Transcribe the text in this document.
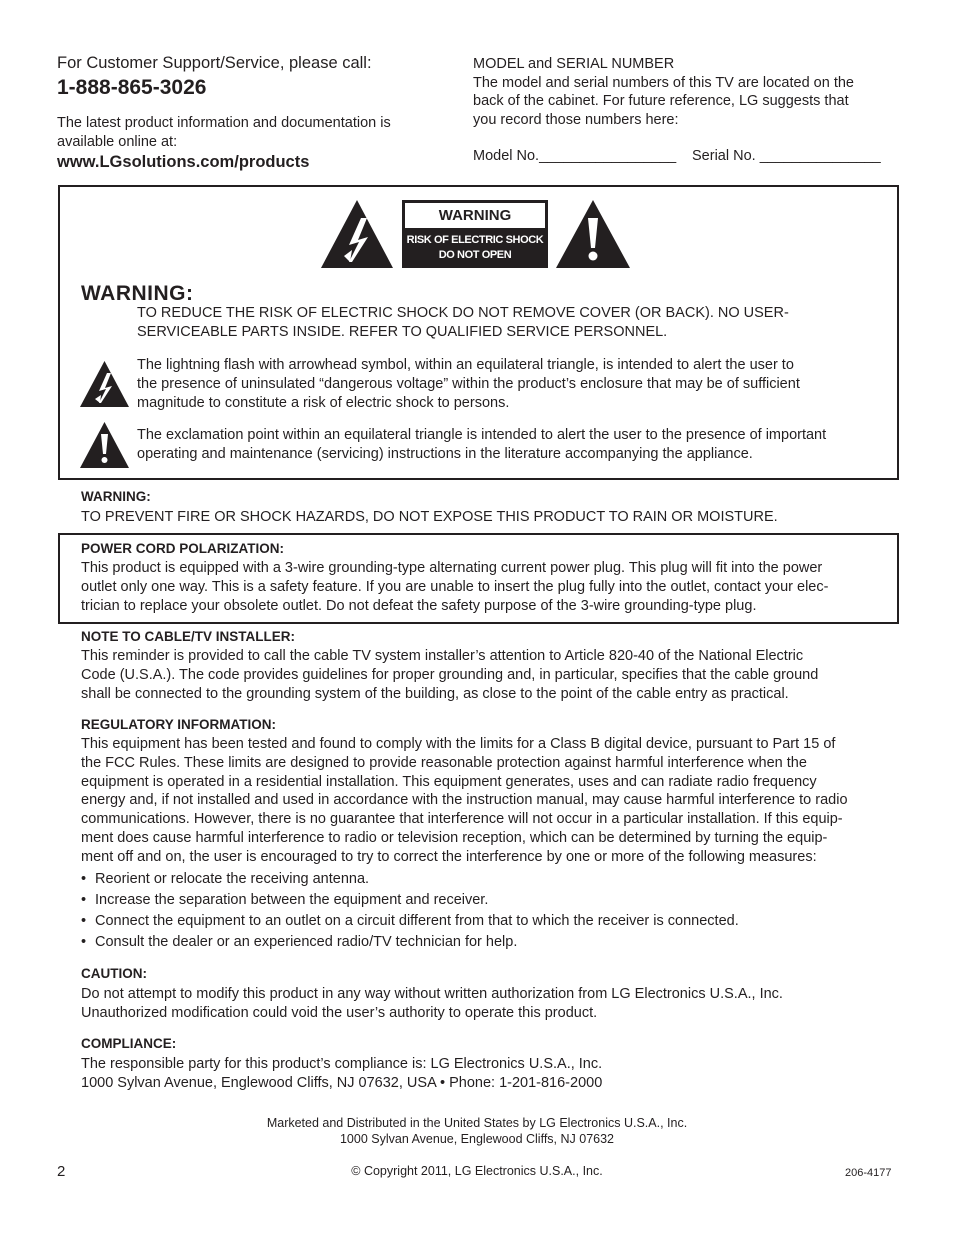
For Customer Support/Service, please call:
1-888-865-3026
The latest product information and documentation is
available online at:
www.LGsolutions.com/products
MODEL and SERIAL NUMBER
The model and serial numbers of this TV are located on the
back of the cabinet. For future reference, LG suggests that
you record those numbers here:
Model No._________________ Serial No. _______________
WARNING
RISK OF ELECTRIC SHOCK
DO NOT OPEN
WARNING:
TO REDUCE THE RISK OF ELECTRIC SHOCK DO NOT REMOVE COVER (OR BACK). NO USER-
SERVICEABLE PARTS INSIDE. REFER TO QUALIFIED SERVICE PERSONNEL.
The lightning flash with arrowhead symbol, within an equilateral triangle, is intended to alert the user to
the presence of uninsulated “dangerous voltage” within the product’s enclosure that may be of sufficient
magnitude to constitute a risk of electric shock to persons.
The exclamation point within an equilateral triangle is intended to alert the user to the presence of important
operating and maintenance (servicing) instructions in the literature accompanying the appliance.
WARNING:
TO PREVENT FIRE OR SHOCK HAZARDS, DO NOT EXPOSE THIS PRODUCT TO RAIN OR MOISTURE.
POWER CORD POLARIZATION:
This product is equipped with a 3-wire grounding-type alternating current power plug. This plug will fit into the power
outlet only one way. This is a safety feature. If you are unable to insert the plug fully into the outlet, contact your elec-
trician to replace your obsolete outlet. Do not defeat the safety purpose of the 3-wire grounding-type plug.
NOTE TO CABLE/TV INSTALLER:
This reminder is provided to call the cable TV system installer’s attention to Article 820-40 of the National Electric
Code (U.S.A.). The code provides guidelines for proper grounding and, in particular, specifies that the cable ground
shall be connected to the grounding system of the building, as close to the point of the cable entry as practical.
REGULATORY INFORMATION:
This equipment has been tested and found to comply with the limits for a Class B digital device, pursuant to Part 15 of
the FCC Rules. These limits are designed to provide reasonable protection against harmful interference when the
equipment is operated in a residential installation. This equipment generates, uses and can radiate radio frequency
energy and, if not installed and used in accordance with the instruction manual, may cause harmful interference to radio
communications. However, there is no guarantee that interference will not occur in a particular installation. If this equip-
ment does cause harmful interference to radio or television reception, which can be determined by turning the equip-
ment off and on, the user is encouraged to try to correct the interference by one or more of the following measures:
• Reorient or relocate the receiving antenna.
• Increase the separation between the equipment and receiver.
• Connect the equipment to an outlet on a circuit different from that to which the receiver is connected.
• Consult the dealer or an experienced radio/TV technician for help.
CAUTION:
Do not attempt to modify this product in any way without written authorization from LG Electronics U.S.A., Inc.
Unauthorized modification could void the user’s authority to operate this product.
COMPLIANCE:
The responsible party for this product’s compliance is: LG Electronics U.S.A., Inc.
1000 Sylvan Avenue, Englewood Cliffs, NJ 07632, USA • Phone: 1-201-816-2000
Marketed and Distributed in the United States by LG Electronics U.S.A., Inc.
1000 Sylvan Avenue, Englewood Cliffs, NJ 07632
2	© Copyright 2011, LG Electronics U.S.A., Inc.	206-4177
